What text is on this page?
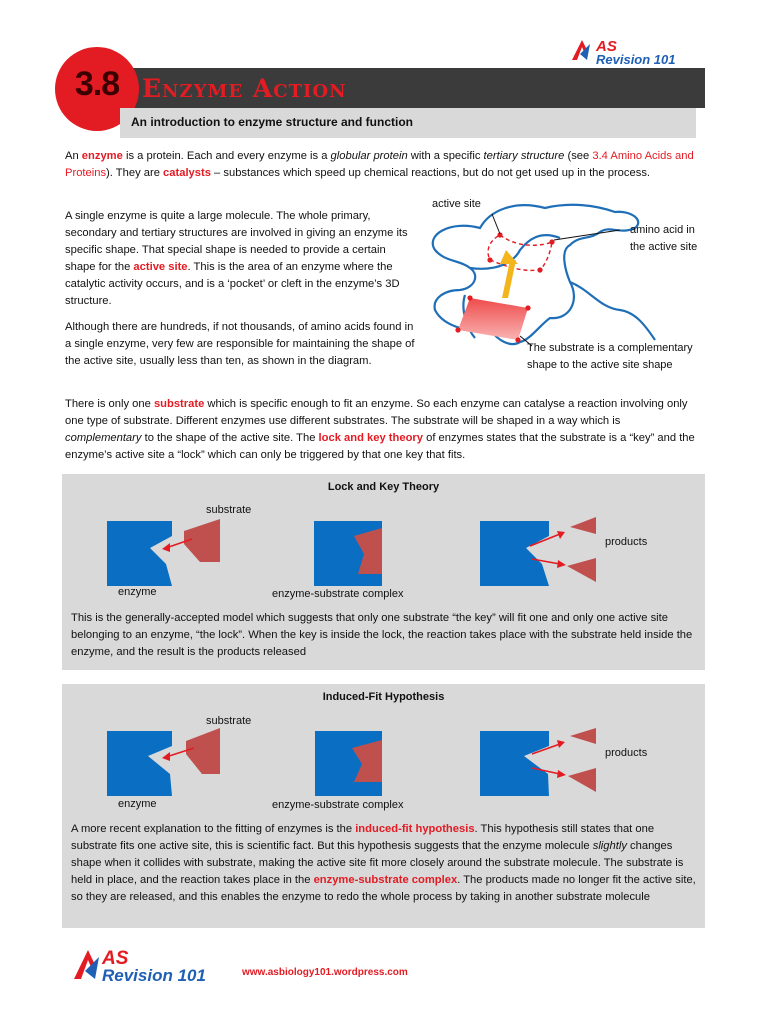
AS
Revision 101
3.8 Enzyme Action
An introduction to enzyme structure and function
An enzyme is a protein. Each and every enzyme is a globular protein with a specific tertiary structure (see 3.4 Amino Acids and Proteins). They are catalysts – substances which speed up chemical reactions, but do not get used up in the process.
A single enzyme is quite a large molecule. The whole primary, secondary and tertiary structures are involved in giving an enzyme its specific shape. That special shape is needed to provide a certain shape for the active site. This is the area of an enzyme where the catalytic activity occurs, and is a ‘pocket’ or cleft in the enzyme’s 3D structure.
Although there are hundreds, if not thousands, of amino acids found in a single enzyme, very few are responsible for maintaining the shape of the active site, usually less than ten, as shown in the diagram.
active site
amino acid in
the active site
The substrate is a complementary
shape to the active site shape
There is only one substrate which is specific enough to fit an enzyme. So each enzyme can catalyse a reaction involving only one type of substrate. Different enzymes use different substrates. The substrate will be shaped in a way which is complementary to the shape of the active site. The lock and key theory of enzymes states that the substrate is a “key” and the enzyme’s active site a “lock” which can only be triggered by that one key that fits.
Lock and Key Theory
substrate
enzyme	enzyme-substrate complex
products
This is the generally-accepted model which suggests that only one substrate “the key” will fit one and only one active site belonging to an enzyme, “the lock”. When the key is inside the lock, the reaction takes place with the substrate held inside the enzyme, and the result is the products released
Induced-Fit Hypothesis
substrate
enzyme	enzyme-substrate complex
products
A more recent explanation to the fitting of enzymes is the induced-fit hypothesis. This hypothesis still states that one substrate fits one active site, this is scientific fact. But this hypothesis suggests that the enzyme molecule slightly changes shape when it collides with substrate, making the active site fit more closely around the substrate molecule. The substrate is held in place, and the reaction takes place in the enzyme-substrate complex. The products made no longer fit the active site, so they are released, and this enables the enzyme to redo the whole process by taking in another substrate molecule
AS
Revision 101	www.asbiology101.wordpress.com
